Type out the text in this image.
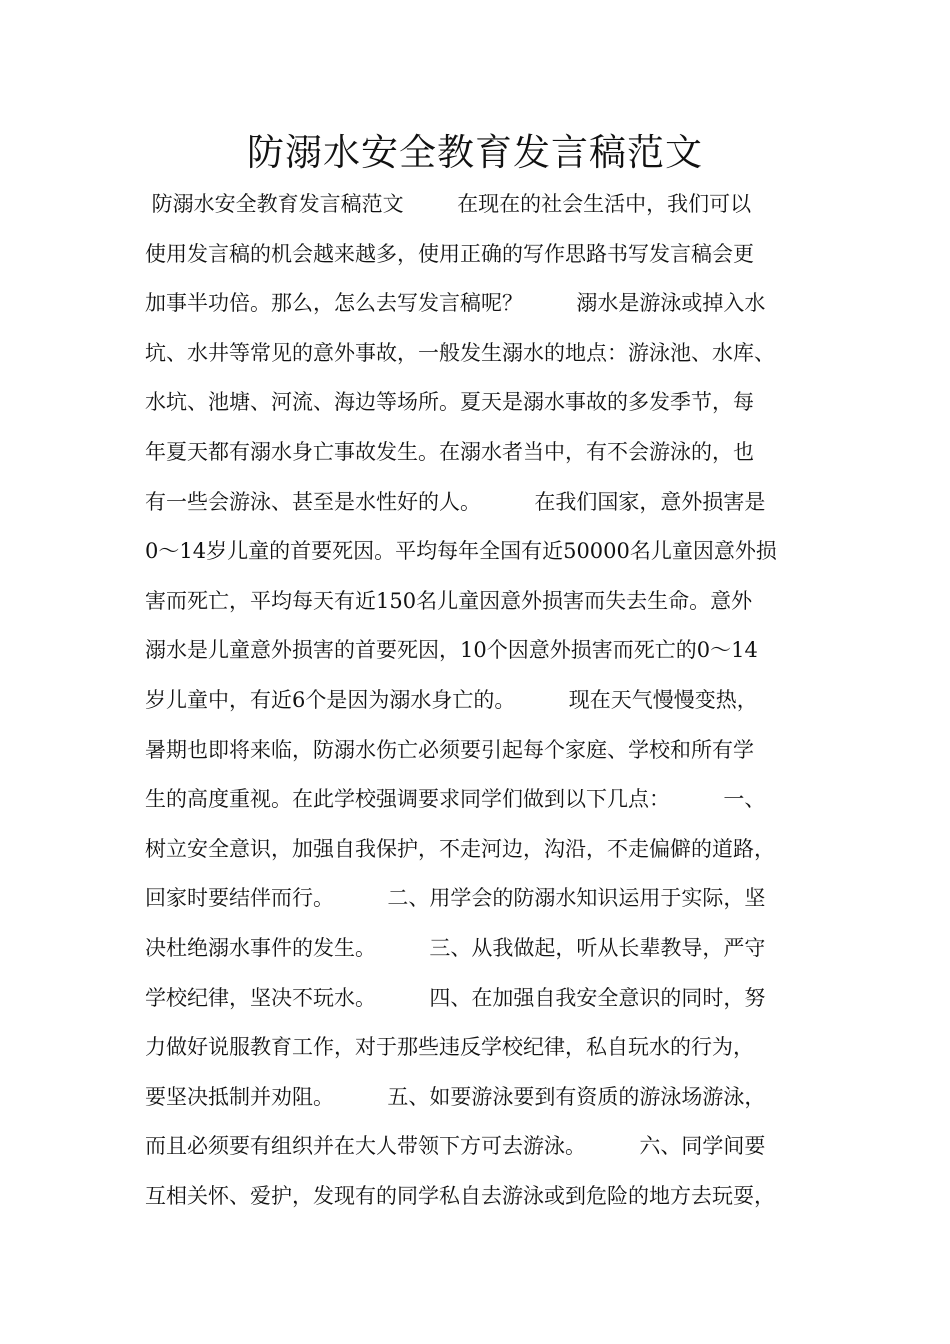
防溺水安全教育发言稿范文
防溺水安全教育发言稿范文        在现在的社会生活中，我们可以
使用发言稿的机会越来越多，使用正确的写作思路书写发言稿会更
加事半功倍。那么，怎么去写发言稿呢？        溺水是游泳或掉入水
坑、水井等常见的意外事故，一般发生溺水的地点：游泳池、水库、
水坑、池塘、河流、海边等场所。夏天是溺水事故的多发季节，每
年夏天都有溺水身亡事故发生。在溺水者当中，有不会游泳的，也
有一些会游泳、甚至是水性好的人。        在我们国家，意外损害是
0～14岁儿童的首要死因。平均每年全国有近50000名儿童因意外损
害而死亡，平均每天有近150名儿童因意外损害而失去生命。意外
溺水是儿童意外损害的首要死因，10个因意外损害而死亡的0～14
岁儿童中，有近6个是因为溺水身亡的。        现在天气慢慢变热，
暑期也即将来临，防溺水伤亡必须要引起每个家庭、学校和所有学
生的高度重视。在此学校强调要求同学们做到以下几点：        一、
树立安全意识，加强自我保护，不走河边，沟沿，不走偏僻的道路，
回家时要结伴而行。        二、用学会的防溺水知识运用于实际，坚
决杜绝溺水事件的发生。        三、从我做起，听从长辈教导，严守
学校纪律，坚决不玩水。        四、在加强自我安全意识的同时，努
力做好说服教育工作，对于那些违反学校纪律，私自玩水的行为，
要坚决抵制并劝阻。        五、如要游泳要到有资质的游泳场游泳，
而且必须要有组织并在大人带领下方可去游泳。        六、同学间要
互相关怀、爱护，发现有的同学私自去游泳或到危险的地方去玩耍，
